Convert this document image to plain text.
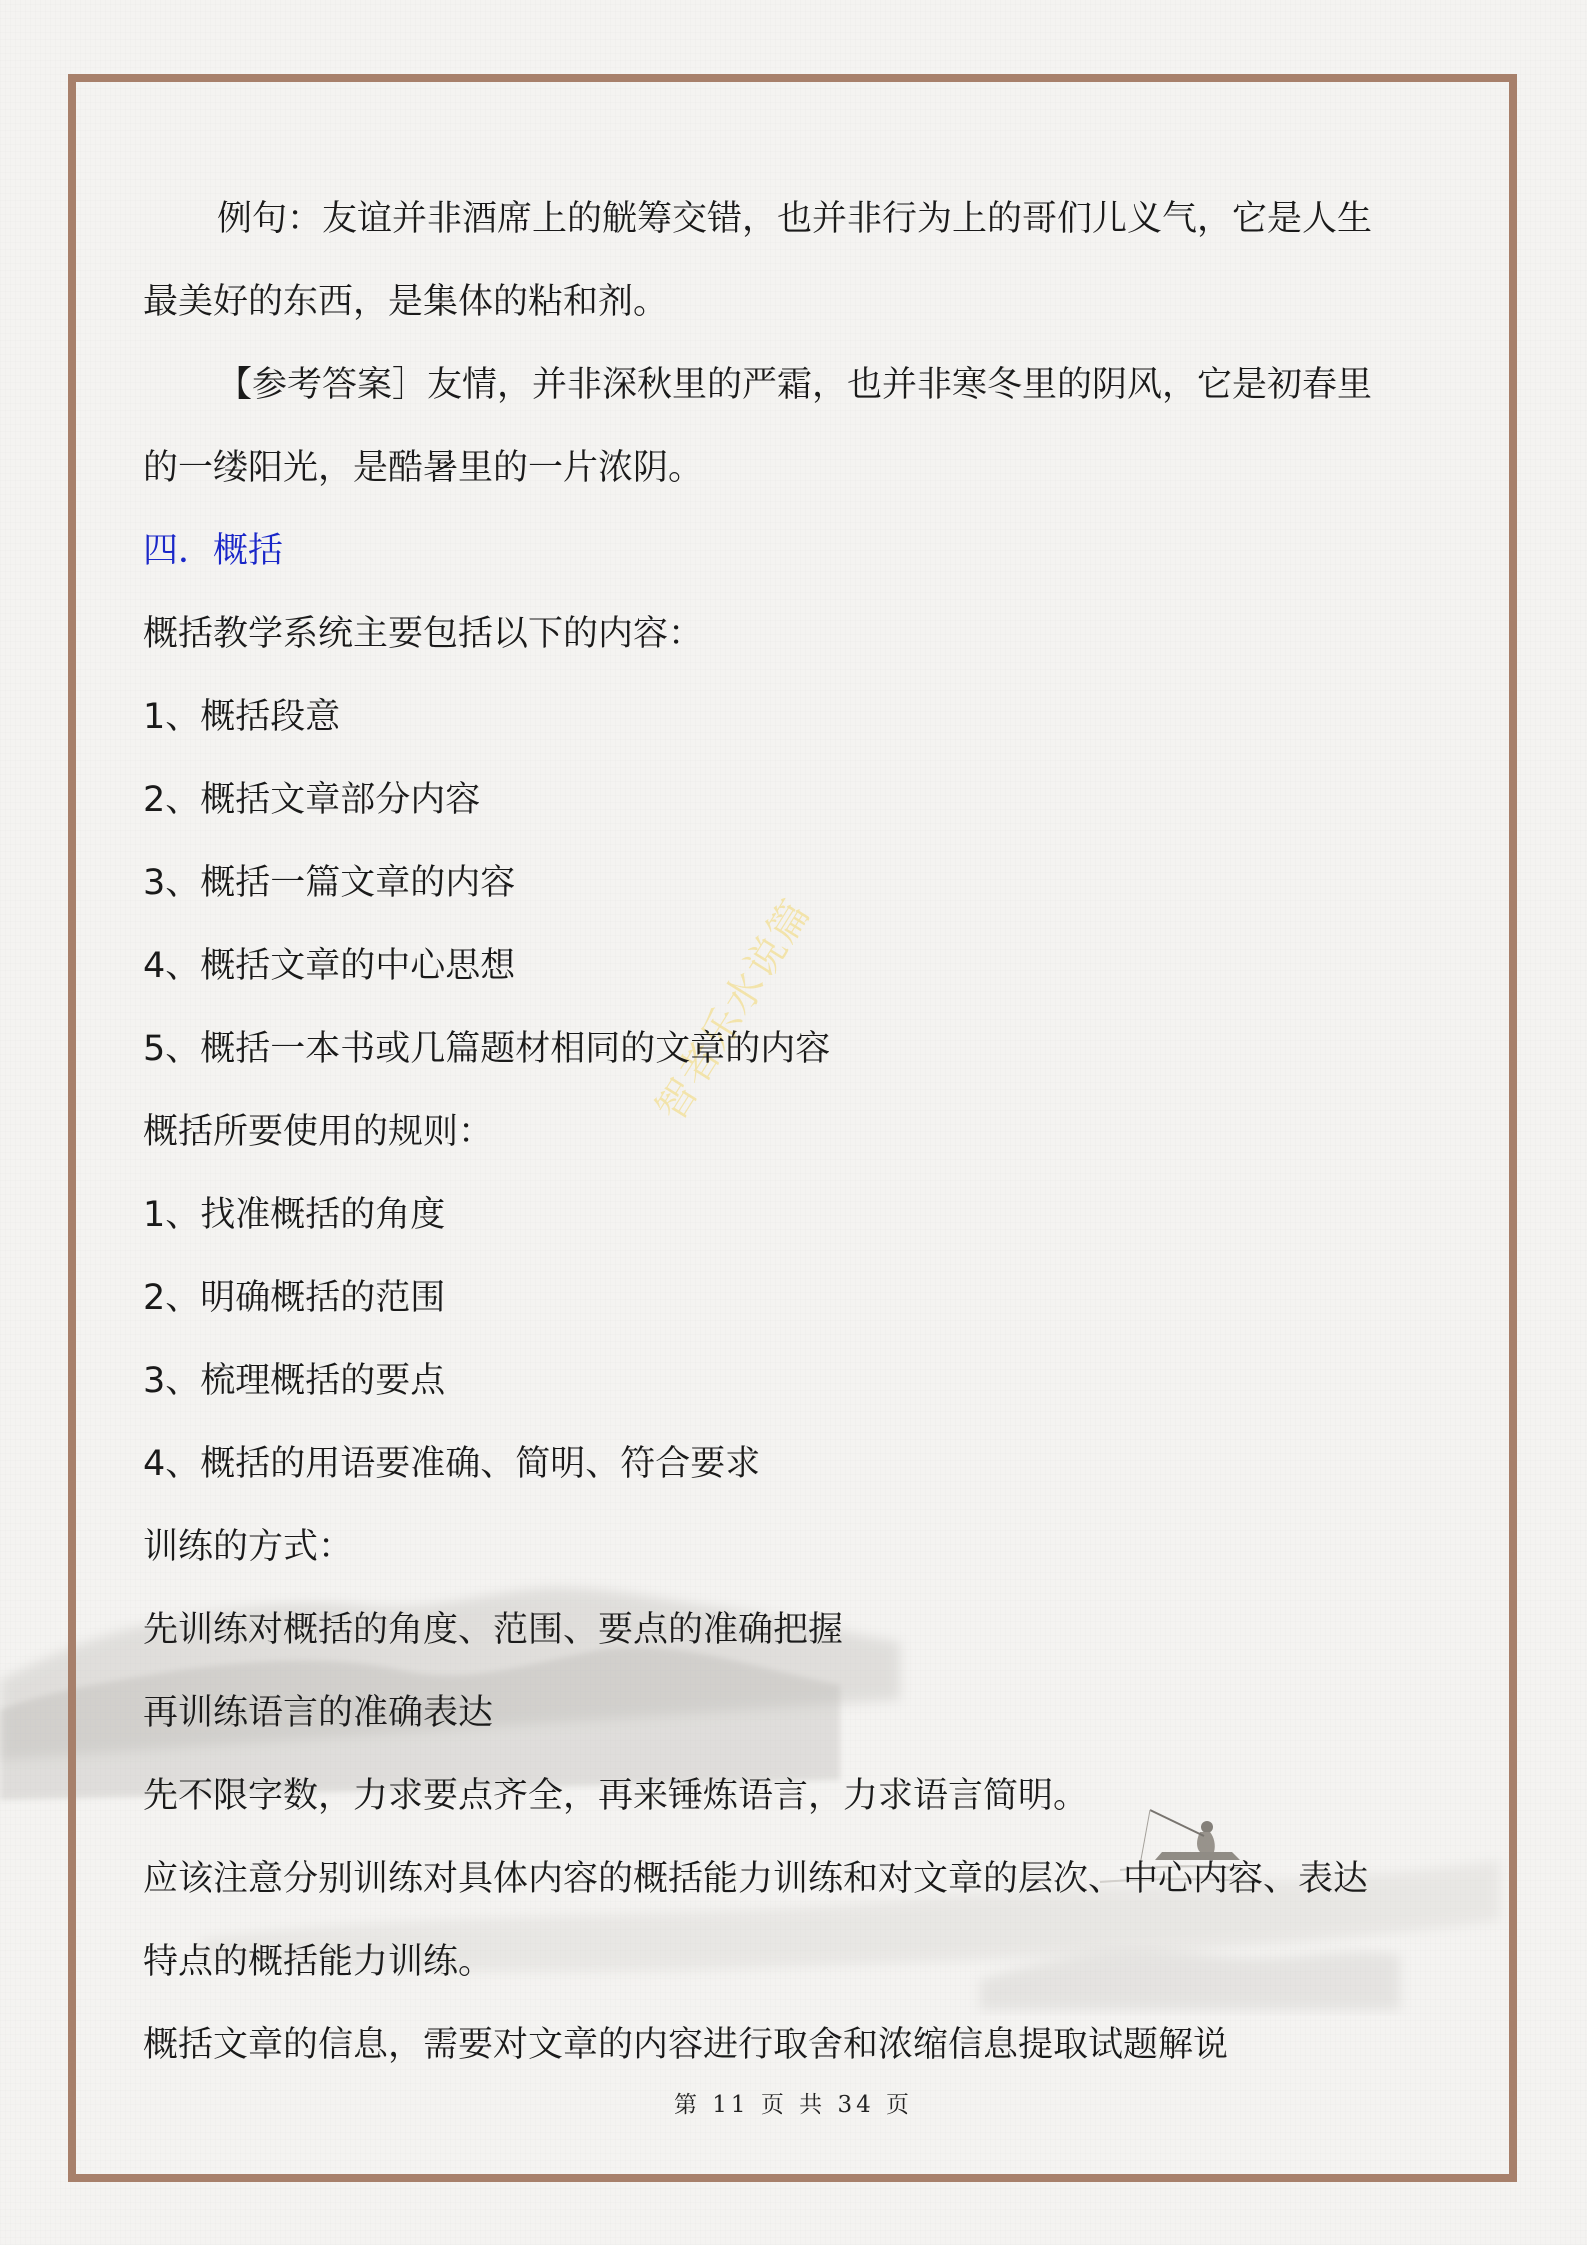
智者乐水说篇

例句：友谊并非酒席上的觥筹交错，也并非行为上的哥们儿义气，它是人生

最美好的东西，是集体的粘和剂。

【参考答案］友情，并非深秋里的严霜，也并非寒冬里的阴风，它是初春里

的一缕阳光，是酷暑里的一片浓阴。

四．概括

概括教学系统主要包括以下的内容：

1、概括段意

2、概括文章部分内容

3、概括一篇文章的内容

4、概括文章的中心思想

5、概括一本书或几篇题材相同的文章的内容

概括所要使用的规则：

1、找准概括的角度

2、明确概括的范围

3、梳理概括的要点

4、概括的用语要准确、简明、符合要求

训练的方式：

先训练对概括的角度、范围、要点的准确把握

再训练语言的准确表达

先不限字数，力求要点齐全，再来锤炼语言，力求语言简明。

应该注意分别训练对具体内容的概括能力训练和对文章的层次、中心内容、表达

特点的概括能力训练。

概括文章的信息，需要对文章的内容进行取舍和浓缩信息提取试题解说

第 11 页 共 34 页
